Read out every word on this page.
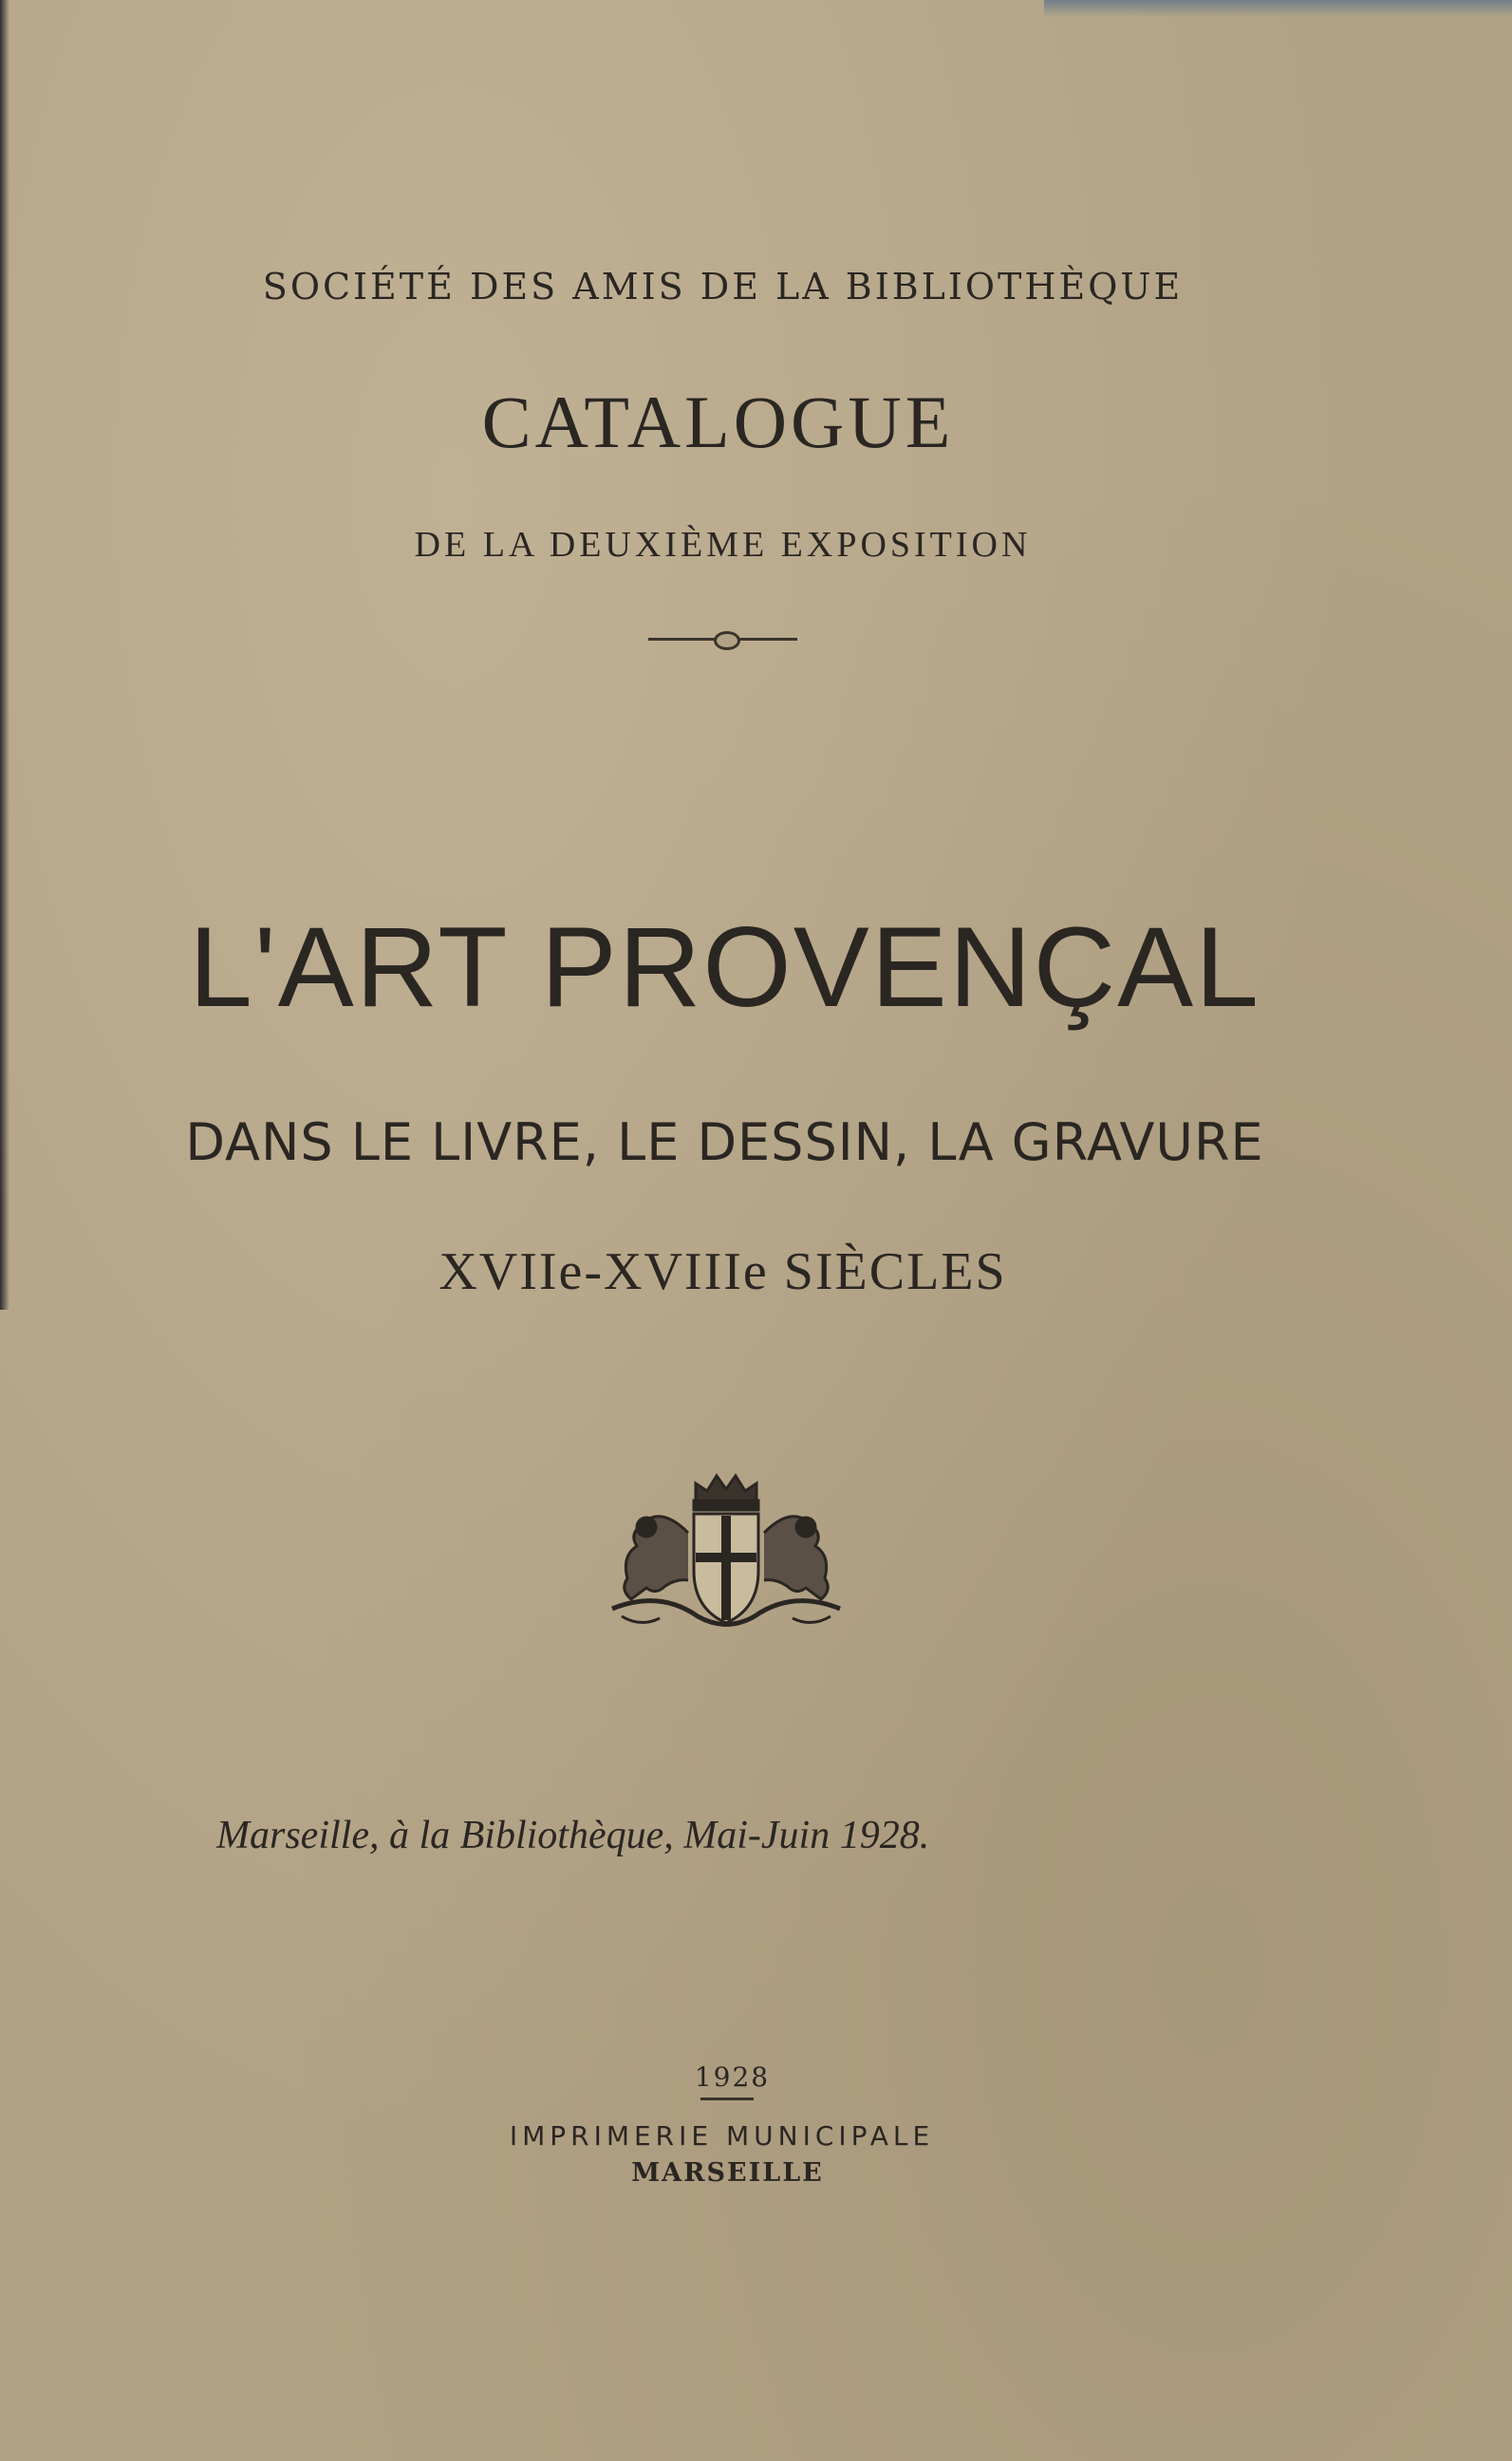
SOCIÉTÉ DES AMIS DE LA BIBLIOTHÈQUE
CATALOGUE
DE LA DEUXIÈME EXPOSITION
L'ART PROVENÇAL
DANS LE LIVRE, LE DESSIN, LA GRAVURE
XVIIe-XVIIIe SIÈCLES
Marseille, à la Bibliothèque, Mai-Juin 1928.
1928
IMPRIMERIE MUNICIPALE
MARSEILLE
